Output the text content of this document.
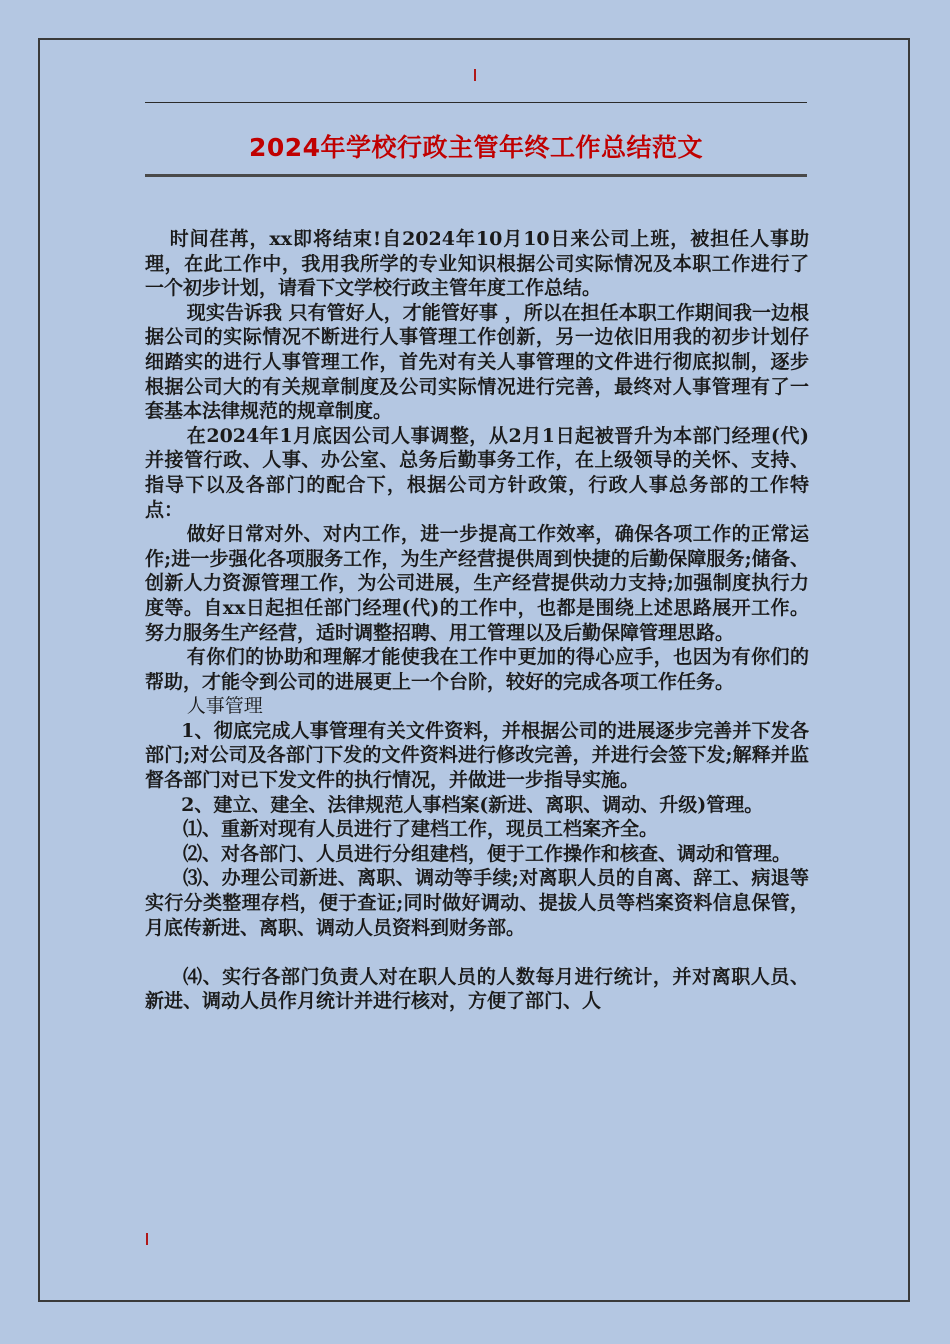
2024年学校行政主管年终工作总结范文

时间荏苒，xx即将结束!自2024年10月10日来公司上班，被担任人事助理，在此工作中，我用我所学的专业知识根据公司实际情况及本职工作进行了一个初步计划，请看下文学校行政主管年度工作总结。

现实告诉我 只有管好人，才能管好事 ，所以在担任本职工作期间我一边根据公司的实际情况不断进行人事管理工作创新，另一边依旧用我的初步计划仔细踏实的进行人事管理工作，首先对有关人事管理的文件进行彻底拟制，逐步根据公司大的有关规章制度及公司实际情况进行完善，最终对人事管理有了一套基本法律规范的规章制度。

在2024年1月底因公司人事调整，从2月1日起被晋升为本部门经理(代)并接管行政、人事、办公室、总务后勤事务工作，在上级领导的关怀、支持、指导下以及各部门的配合下，根据公司方针政策，行政人事总务部的工作特点：

做好日常对外、对内工作，进一步提高工作效率，确保各项工作的正常运作;进一步强化各项服务工作，为生产经营提供周到快捷的后勤保障服务;储备、创新人力资源管理工作，为公司进展，生产经营提供动力支持;加强制度执行力度等。自xx日起担任部门经理(代)的工作中，也都是围绕上述思路展开工作。努力服务生产经营，适时调整招聘、用工管理以及后勤保障管理思路。

有你们的协助和理解才能使我在工作中更加的得心应手，也因为有你们的帮助，才能令到公司的进展更上一个台阶，较好的完成各项工作任务。

人事管理

1、彻底完成人事管理有关文件资料，并根据公司的进展逐步完善并下发各部门;对公司及各部门下发的文件资料进行修改完善，并进行会签下发;解释并监督各部门对已下发文件的执行情况，并做进一步指导实施。

2、建立、建全、法律规范人事档案(新进、离职、调动、升级)管理。

⑴、重新对现有人员进行了建档工作，现员工档案齐全。

⑵、对各部门、人员进行分组建档，便于工作操作和核查、调动和管理。

⑶、办理公司新进、离职、调动等手续;对离职人员的自离、辞工、病退等实行分类整理存档，便于查证;同时做好调动、提拔人员等档案资料信息保管，月底传新进、离职、调动人员资料到财务部。

⑷、实行各部门负责人对在职人员的人数每月进行统计，并对离职人员、新进、调动人员作月统计并进行核对，方便了部门、人
